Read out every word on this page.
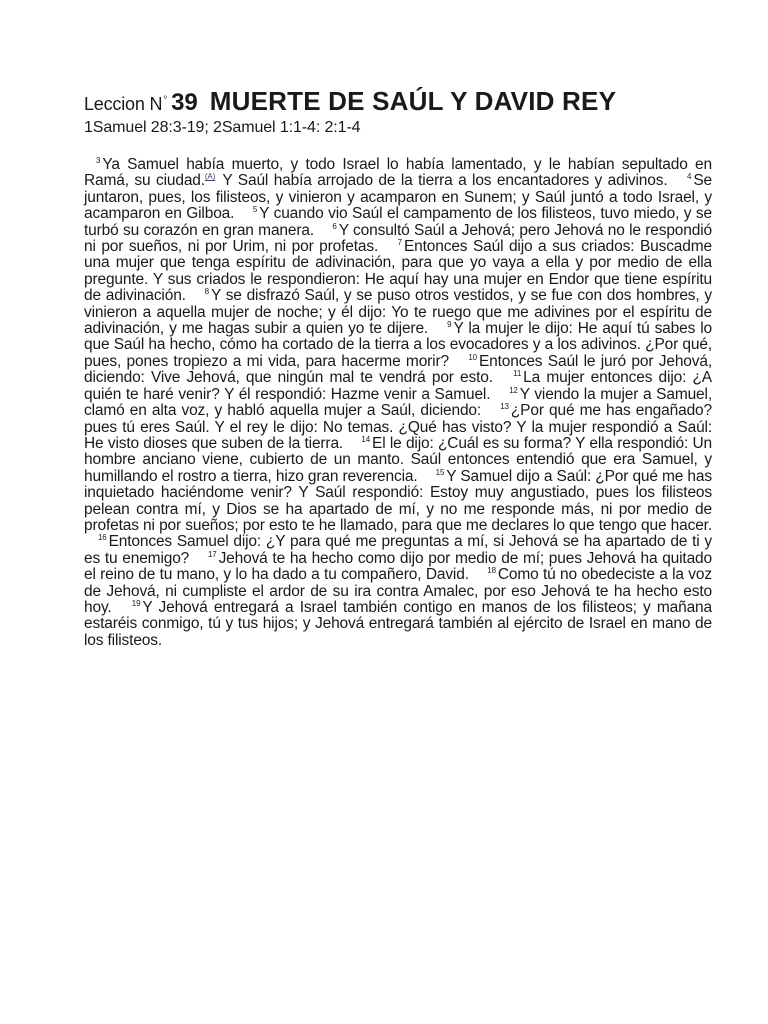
Leccion N° 39 MUERTE DE SAÚL Y DAVID REY
1Samuel 28:3-19; 2Samuel 1:1-4: 2:1-4

$^3$ Ya Samuel había muerto, y todo Israel lo había lamentado, y le habían sepultado en Ramá, su ciudad.$^{(A)}$ Y Saúl había arrojado de la tierra a los encantadores y adivinos. $^4$ Se juntaron, pues, los filisteos, y vinieron y acamparon en Sunem; y Saúl juntó a todo Israel, y acamparon en Gilboa. $^5$ Y cuando vio Saúl el campamento de los filisteos, tuvo miedo, y se turbó su corazón en gran manera. $^6$ Y consultó Saúl a Jehová; pero Jehová no le respondió ni por sueños, ni por Urim, ni por profetas. $^7$ Entonces Saúl dijo a sus criados: Buscadme una mujer que tenga espíritu de adivinación, para que yo vaya a ella y por medio de ella pregunte. Y sus criados le respondieron: He aquí hay una mujer en Endor que tiene espíritu de adivinación. $^8$ Y se disfrazó Saúl, y se puso otros vestidos, y se fue con dos hombres, y vinieron a aquella mujer de noche; y él dijo: Yo te ruego que me adivines por el espíritu de adivinación, y me hagas subir a quien yo te dijere. $^9$ Y la mujer le dijo: He aquí tú sabes lo que Saúl ha hecho, cómo ha cortado de la tierra a los evocadores y a los adivinos. ¿Por qué, pues, pones tropiezo a mi vida, para hacerme morir? $^{10}$ Entonces Saúl le juró por Jehová, diciendo: Vive Jehová, que ningún mal te vendrá por esto.	$^{11}$ La mujer entonces dijo: ¿A quién te haré venir? Y él respondió: Hazme venir a Samuel. $^{12}$ Y viendo la mujer a Samuel, clamó en alta voz, y habló aquella mujer a Saúl, diciendo: $^{13}$ ¿Por qué me has engañado? pues tú eres Saúl. Y el rey le dijo: No temas. ¿Qué has visto? Y la mujer respondió a Saúl: He visto dioses que suben de la tierra. $^{14}$ El le dijo: ¿Cuál es su forma? Y ella respondió: Un hombre anciano viene, cubierto de un manto. Saúl entonces entendió que era Samuel, y humillando el rostro a tierra, hizo gran reverencia. $^{15}$ Y Samuel dijo a Saúl: ¿Por qué me has inquietado haciéndome venir? Y Saúl respondió: Estoy muy angustiado, pues los filisteos pelean contra mí, y Dios se ha apartado de mí, y no me responde más, ni por medio de profetas ni por sueños; por esto te he llamado, para que me declares lo que tengo que hacer. $^{16}$ Entonces Samuel dijo: ¿Y para qué me preguntas a mí, si Jehová se ha apartado de ti y es tu enemigo? $^{17}$ Jehová te ha hecho como dijo por medio de mí; pues Jehová ha quitado el reino de tu mano, y lo ha dado a tu compañero, David. $^{18}$ Como tú no obedeciste a la voz de Jehová, ni cumpliste el ardor de su ira contra Amalec, por eso Jehová te ha hecho esto hoy.	$^{19}$ Y Jehová entregará a Israel también contigo en manos de los filisteos; y mañana estaréis conmigo, tú y tus hijos; y Jehová entregará también al ejército de Israel en mano de los filisteos.
